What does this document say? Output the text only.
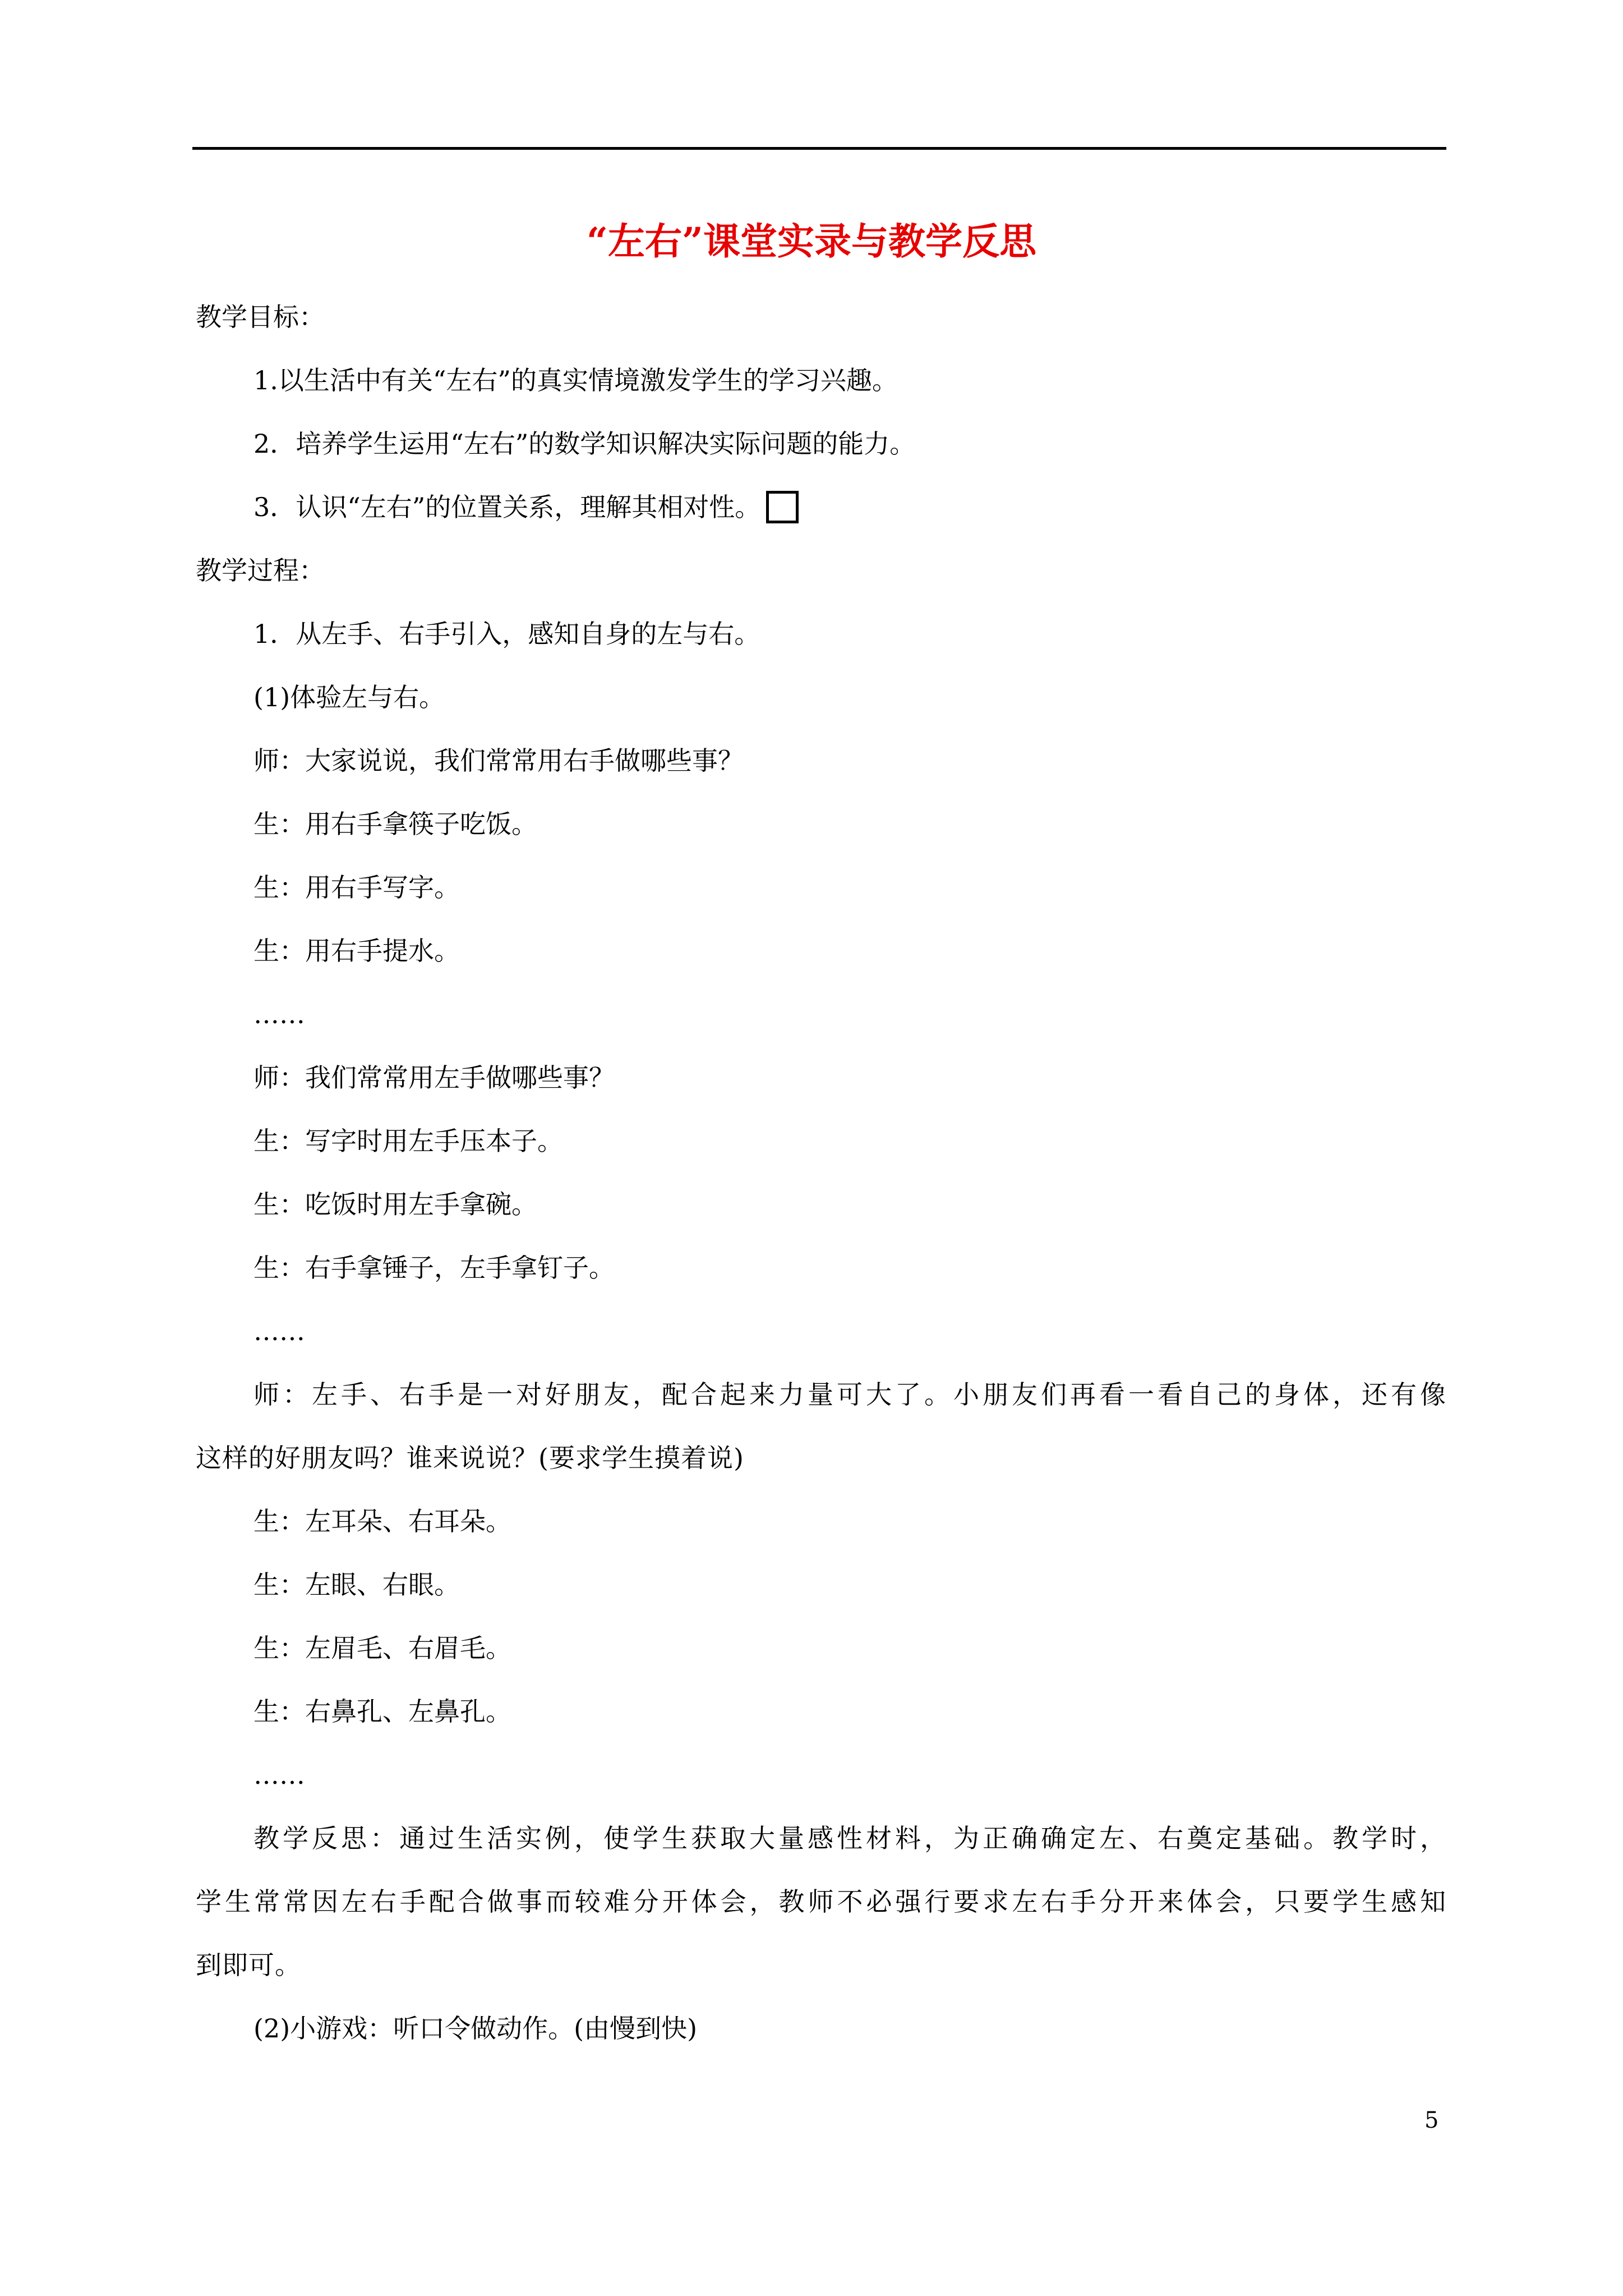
“左右”课堂实录与教学反思
教学目标：
1.以生活中有关“左右”的真实情境激发学生的学习兴趣。
2．培养学生运用“左右”的数学知识解决实际问题的能力。
3．认识“左右”的位置关系，理解其相对性。
教学过程：
1．从左手、右手引入，感知自身的左与右。
(1)体验左与右。
师：大家说说，我们常常用右手做哪些事？
生：用右手拿筷子吃饭。
生：用右手写字。
生：用右手提水。
……
师：我们常常用左手做哪些事？
生：写字时用左手压本子。
生：吃饭时用左手拿碗。
生：右手拿锤子，左手拿钉子。
……
师：左手、右手是一对好朋友，配合起来力量可大了。小朋友们再看一看自己的身体，还有像
这样的好朋友吗？谁来说说？(要求学生摸着说)
生：左耳朵、右耳朵。
生：左眼、右眼。
生：左眉毛、右眉毛。
生：右鼻孔、左鼻孔。
……
教学反思：通过生活实例，使学生获取大量感性材料，为正确确定左、右奠定基础。教学时，
学生常常因左右手配合做事而较难分开体会，教师不必强行要求左右手分开来体会，只要学生感知
到即可。
(2)小游戏：听口令做动作。(由慢到快)
5
